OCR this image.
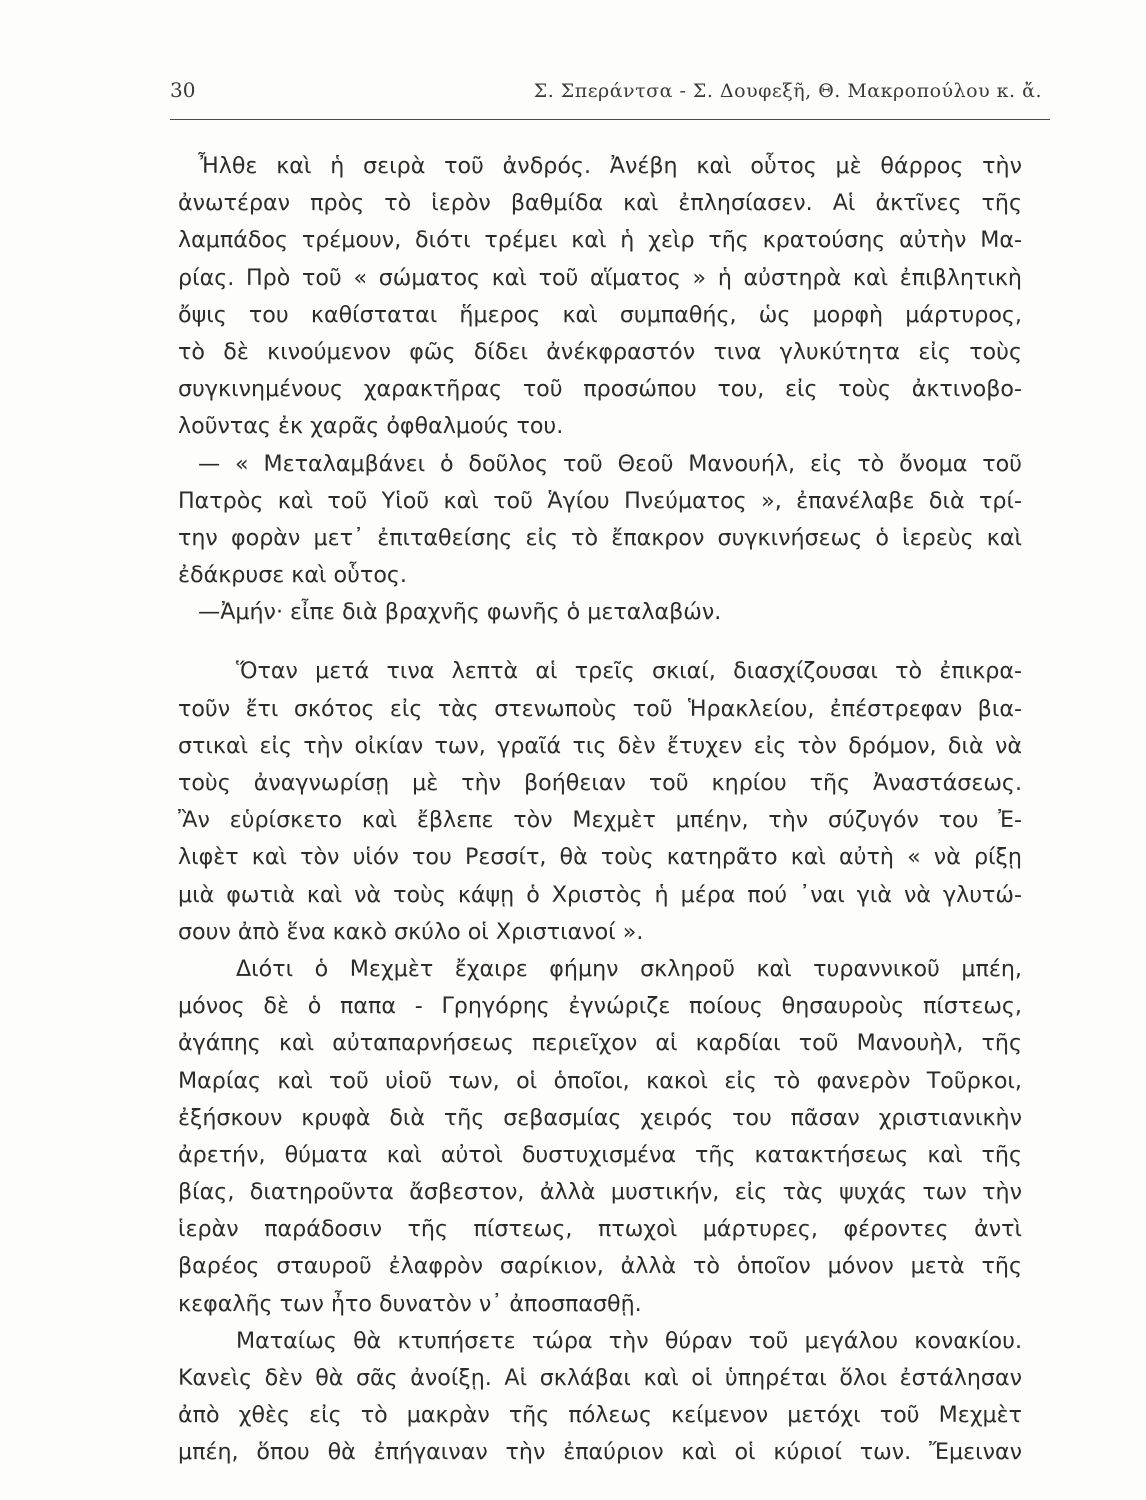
30	Σ. Σπεράντσα - Σ. Δουφεξῆ, Θ. Μακροπούλου κ. ἄ.
Ἦλθε καὶ ἡ σειρὰ τοῦ ἀνδρός. Ἀνέβη καὶ οὗτος μὲ θάρρος τὴν
ἀνωτέραν πρὸς τὸ ἱερὸν βαθμίδα καὶ ἐπλησίασεν. Αἱ ἀκτῖνες τῆς
λαμπάδος τρέμουν, διότι τρέμει καὶ ἡ χεὶρ τῆς κρατούσης αὐτὴν Μα-
ρίας. Πρὸ τοῦ « σώματος καὶ τοῦ αἵματος » ἡ αὐστηρὰ καὶ ἐπιβλητικὴ
ὄψις του καθίσταται ἥμερος καὶ συμπαθής, ὡς μορφὴ μάρτυρος,
τὸ δὲ κινούμενον φῶς δίδει ἀνέκφραστόν τινα γλυκύτητα εἰς τοὺς
συγκινημένους χαρακτῆρας τοῦ προσώπου του, εἰς τοὺς ἀκτινοβο-
λοῦντας ἐκ χαρᾶς ὀφθαλμούς του.
— « Μεταλαμβάνει ὁ δοῦλος τοῦ Θεοῦ Μανουήλ, εἰς τὸ ὄνομα τοῦ
Πατρὸς καὶ τοῦ Υἱοῦ καὶ τοῦ Ἁγίου Πνεύματος », ἐπανέλαβε διὰ τρί-
την φορὰν μετ᾽ ἐπιταθείσης εἰς τὸ ἔπακρον συγκινήσεως ὁ ἱερεὺς καὶ
ἐδάκρυσε καὶ οὗτος.
—Ἀμήν· εἶπε διὰ βραχνῆς φωνῆς ὁ μεταλαβών.
Ὅταν μετά τινα λεπτὰ αἱ τρεῖς σκιαί, διασχίζουσαι τὸ ἐπικρα-
τοῦν ἔτι σκότος εἰς τὰς στενωποὺς τοῦ Ἡρακλείου, ἐπέστρεφαν βια-
στικαὶ εἰς τὴν οἰκίαν των, γραῖά τις δὲν ἔτυχεν εἰς τὸν δρόμον, διὰ νὰ
τοὺς ἀναγνωρίσῃ μὲ τὴν βοήθειαν τοῦ κηρίου τῆς Ἀναστάσεως.
Ἂν εὑρίσκετο καὶ ἔβλεπε τὸν Μεχμὲτ μπέην, τὴν σύζυγόν του Ἐ-
λιφὲτ καὶ τὸν υἱόν του Ρεσσίτ, θὰ τοὺς κατηρᾶτο καὶ αὐτὴ « νὰ ρίξῃ
μιὰ φωτιὰ καὶ νὰ τοὺς κάψῃ ὁ Χριστὸς ἡ μέρα πού ᾽ναι γιὰ νὰ γλυτώ-
σουν ἀπὸ ἕνα κακὸ σκύλο οἱ Χριστιανοί ».
Διότι ὁ Μεχμὲτ ἔχαιρε φήμην σκληροῦ καὶ τυραννικοῦ μπέη,
μόνος δὲ ὁ παπα - Γρηγόρης ἐγνώριζε ποίους θησαυροὺς πίστεως,
ἀγάπης καὶ αὐταπαρνήσεως περιεῖχον αἱ καρδίαι τοῦ Μανουὴλ, τῆς
Μαρίας καὶ τοῦ υἱοῦ των, οἱ ὁποῖοι, κακοὶ εἰς τὸ φανερὸν Τοῦρκοι,
ἐξήσκουν κρυφὰ διὰ τῆς σεβασμίας χειρός του πᾶσαν χριστιανικὴν
ἀρετήν, θύματα καὶ αὐτοὶ δυστυχισμένα τῆς κατακτήσεως καὶ τῆς
βίας, διατηροῦντα ἄσβεστον, ἀλλὰ μυστικήν, εἰς τὰς ψυχάς των τὴν
ἱερὰν παράδοσιν τῆς πίστεως, πτωχοὶ μάρτυρες, φέροντες ἀντὶ
βαρέος σταυροῦ ἐλαφρὸν σαρίκιον, ἀλλὰ τὸ ὁποῖον μόνον μετὰ τῆς
κεφαλῆς των ἦτο δυνατὸν ν᾽ ἀποσπασθῇ.
Ματαίως θὰ κτυπήσετε τώρα τὴν θύραν τοῦ μεγάλου κονακίου.
Κανεὶς δὲν θὰ σᾶς ἀνοίξῃ. Αἱ σκλάβαι καὶ οἱ ὑπηρέται ὅλοι ἐστάλησαν
ἀπὸ χθὲς εἰς τὸ μακρὰν τῆς πόλεως κείμενον μετόχι τοῦ Μεχμὲτ
μπέη, ὅπου θὰ ἐπήγαιναν τὴν ἐπαύριον καὶ οἱ κύριοί των. Ἔμειναν
